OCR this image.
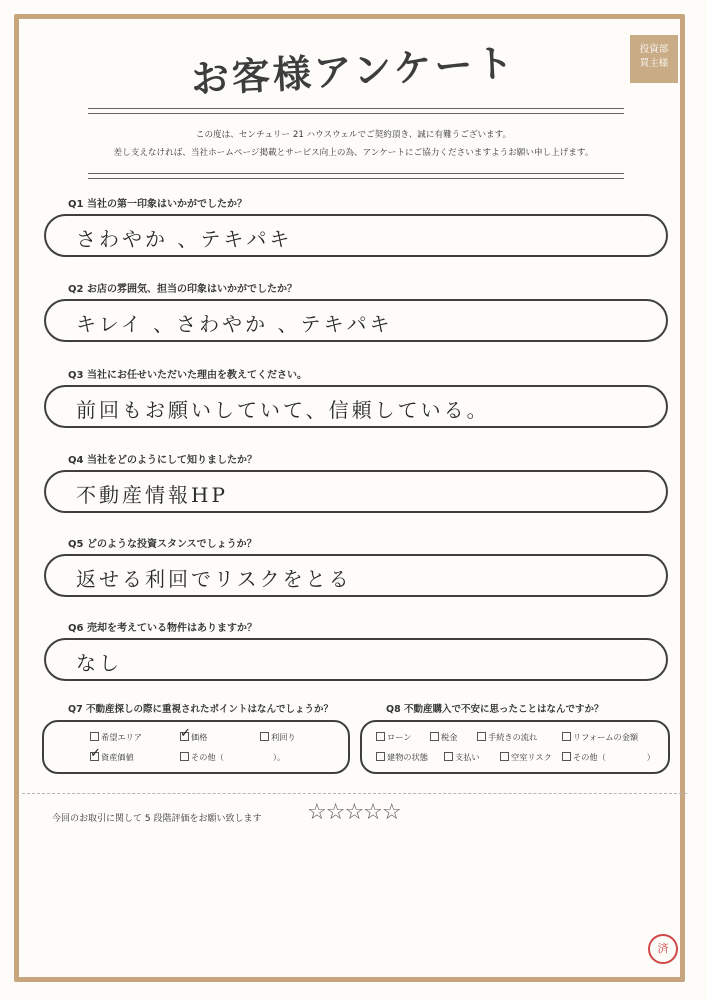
お客様アンケート	投資部
買主様
この度は、センチュリー 21 ハウスウェルでご契約頂き、誠に有難うございます。
差し支えなければ、当社ホームページ掲載とサービス向上の為、アンケートにご協力くださいますようお願い申し上げます。
Q1 当社の第一印象はいかがでしたか？
さわやか 、テキパキ
Q2 お店の雰囲気、担当の印象はいかがでしたか？
キレイ 、さわやか 、テキパキ
Q3 当社にお任せいただいた理由を教えてください。
前回もお願いしていて、信頼している。
Q4 当社をどのようにして知りましたか？
不動産情報HP
Q5 どのような投資スタンスでしょうか？
返せる利回でリスクをとる
Q6 売却を考えている物件はありますか？
なし
Q7 不動産探しの際に重視されたポイントはなんでしょうか？
希望エリア	✓ 価格	利回り
✓ 資産価値	その他（　　　　　　）。
Q8 不動産購入で不安に思ったことはなんですか？
ローン	税金	手続きの流れ	リフォームの金額
建物の状態	支払い	空室リスク	その他（　　　　　）
今回のお取引に関して 5 段階評価をお願い致します ☆☆☆☆☆
済
